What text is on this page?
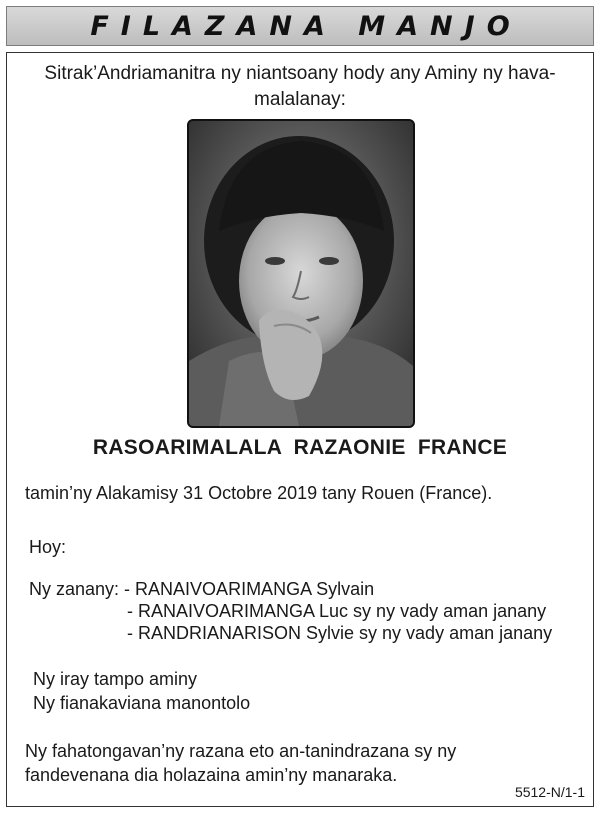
FILAZANA MANJO
Sitrak’Andriamanitra ny niantsoany hody any Aminy ny hava-malalanay:
RASOARIMALALA RAZAONIE FRANCE
tamin’ny Alakamisy 31 Octobre 2019 tany Rouen (France).
Hoy:
Ny zanany: - RANAIVOARIMANGA Sylvain
- RANAIVOARIMANGA Luc sy ny vady aman janany
- RANDRIANARISON Sylvie sy ny vady aman janany
Ny iray tampo aminy
Ny fianakaviana manontolo
Ny fahatongavan’ny razana eto an-tanindrazana sy ny fandevenana dia holazaina amin’ny manaraka.
5512-N/1-1
